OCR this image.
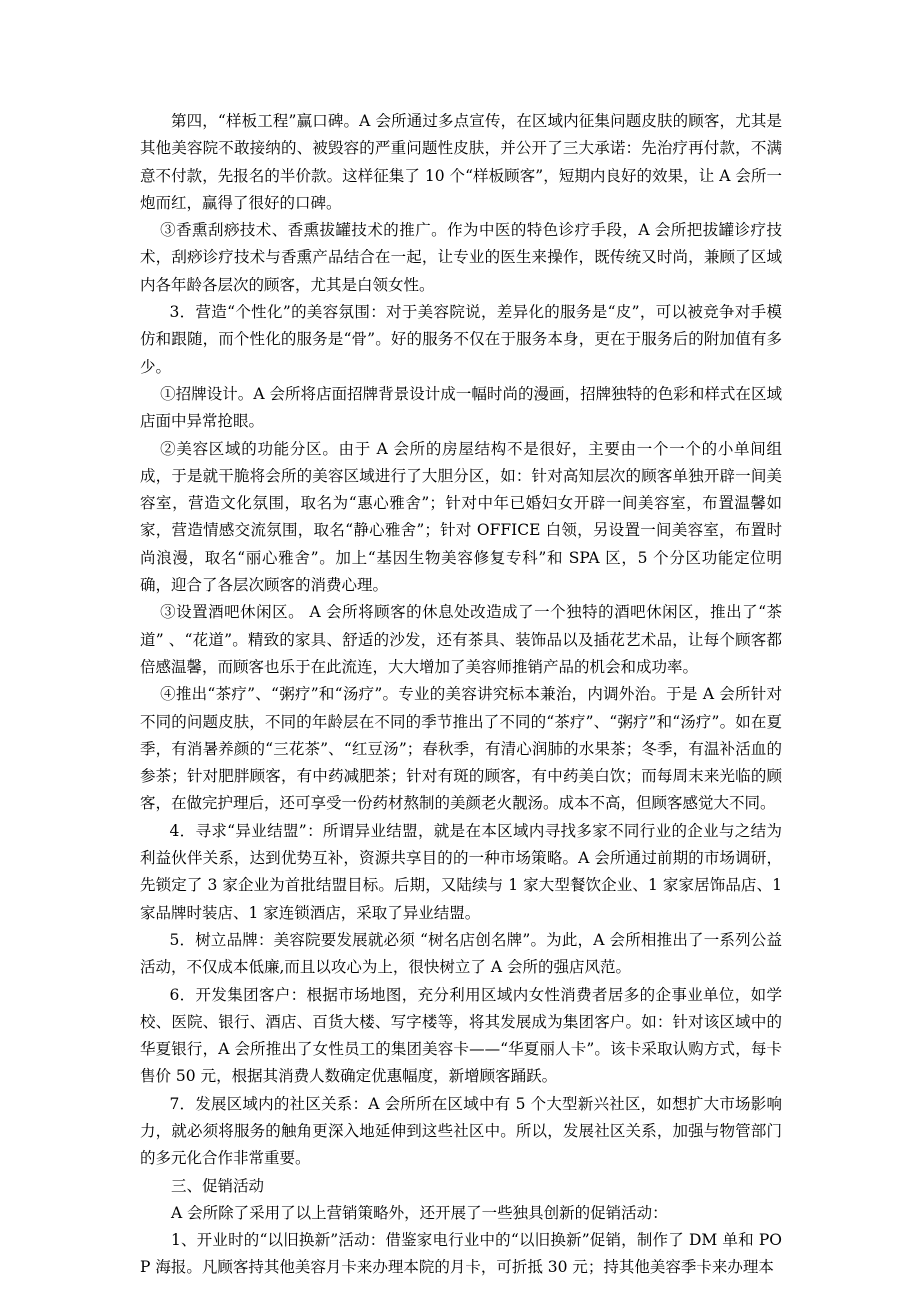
第四，“样板工程”赢口碑。A 会所通过多点宣传，在区域内征集问题皮肤的顾客，尤其是其他美容院不敢接纳的、被毁容的严重问题性皮肤，并公开了三大承诺：先治疗再付款，不满意不付款，先报名的半价款。这样征集了 10 个“样板顾客”，短期内良好的效果，让 A 会所一炮而红，赢得了很好的口碑。

③香熏刮痧技术、香熏拔罐技术的推广。作为中医的特色诊疗手段，A 会所把拔罐诊疗技术，刮痧诊疗技术与香熏产品结合在一起，让专业的医生来操作，既传统又时尚，兼顾了区域内各年龄各层次的顾客，尤其是白领女性。

3．营造“个性化”的美容氛围：对于美容院说，差异化的服务是“皮”，可以被竞争对手模仿和跟随，而个性化的服务是“骨”。好的服务不仅在于服务本身，更在于服务后的附加值有多少。

①招牌设计。A 会所将店面招牌背景设计成一幅时尚的漫画，招牌独特的色彩和样式在区域店面中异常抢眼。

②美容区域的功能分区。由于 A 会所的房屋结构不是很好，主要由一个一个的小单间组成，于是就干脆将会所的美容区域进行了大胆分区，如：针对高知层次的顾客单独开辟一间美容室，营造文化氛围，取名为“惠心雅舍”；针对中年已婚妇女开辟一间美容室，布置温馨如家，营造情感交流氛围，取名“静心雅舍”；针对 OFFICE 白领，另设置一间美容室，布置时尚浪漫，取名“丽心雅舍”。加上“基因生物美容修复专科”和 SPA 区，5 个分区功能定位明确，迎合了各层次顾客的消费心理。

③设置酒吧休闲区。 A 会所将顾客的休息处改造成了一个独特的酒吧休闲区，推出了“茶道” 、“花道”。精致的家具、舒适的沙发，还有茶具、装饰品以及插花艺术品，让每个顾客都倍感温馨，而顾客也乐于在此流连，大大增加了美容师推销产品的机会和成功率。

④推出“茶疗”、“粥疗”和“汤疗”。专业的美容讲究标本兼治，内调外治。于是 A 会所针对不同的问题皮肤，不同的年龄层在不同的季节推出了不同的“茶疗”、“粥疗”和“汤疗”。如在夏季，有消暑养颜的“三花茶”、“红豆汤”；春秋季，有清心润肺的水果茶；冬季，有温补活血的参茶；针对肥胖顾客，有中药减肥茶；针对有斑的顾客，有中药美白饮；而每周末来光临的顾客，在做完护理后，还可享受一份药材熬制的美颜老火靓汤。成本不高，但顾客感觉大不同。

4．寻求“异业结盟”：所谓异业结盟，就是在本区域内寻找多家不同行业的企业与之结为利益伙伴关系，达到优势互补，资源共享目的的一种市场策略。A 会所通过前期的市场调研，先锁定了 3 家企业为首批结盟目标。后期，又陆续与 1 家大型餐饮企业、1 家家居饰品店、1 家品牌时装店、1 家连锁酒店，采取了异业结盟。

5．树立品牌：美容院要发展就必须 “树名店创名牌”。为此，A 会所相推出了一系列公益活动，不仅成本低廉,而且以攻心为上，很快树立了 A 会所的强店风范。

6．开发集团客户：根据市场地图，充分利用区域内女性消费者居多的企事业单位，如学校、医院、银行、酒店、百货大楼、写字楼等，将其发展成为集团客户。如：针对该区域中的华夏银行，A 会所推出了女性员工的集团美容卡——“华夏丽人卡”。该卡采取认购方式，每卡售价 50 元，根据其消费人数确定优惠幅度，新增顾客踊跃。

7．发展区域内的社区关系：A 会所所在区域中有 5 个大型新兴社区，如想扩大市场影响力，就必须将服务的触角更深入地延伸到这些社区中。所以，发展社区关系，加强与物管部门的多元化合作非常重要。

三、促销活动

A 会所除了采用了以上营销策略外，还开展了一些独具创新的促销活动：

1、开业时的“以旧换新”活动：借鉴家电行业中的“以旧换新”促销，制作了 DM 单和 POP 海报。凡顾客持其他美容月卡来办理本院的月卡，可折抵 30 元；持其他美容季卡来办理本
